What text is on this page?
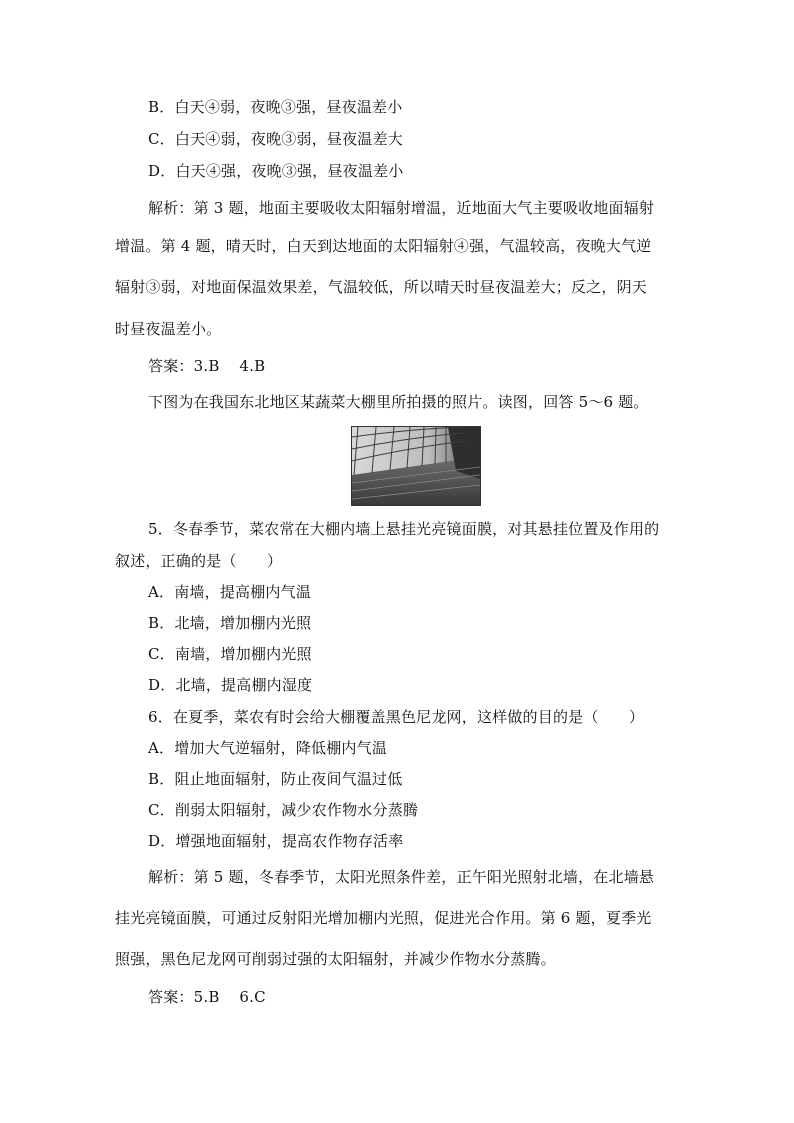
B．白天④弱，夜晚③强，昼夜温差小
C．白天④弱，夜晚③弱，昼夜温差大
D．白天④强，夜晚③强，昼夜温差小
解析：第 3 题，地面主要吸收太阳辐射增温，近地面大气主要吸收地面辐射
增温。第 4 题，晴天时，白天到达地面的太阳辐射④强，气温较高，夜晚大气逆
辐射③弱，对地面保温效果差，气温较低，所以晴天时昼夜温差大；反之，阴天
时昼夜温差小。
答案：3.B    4.B
下图为在我国东北地区某蔬菜大棚里所拍摄的照片。读图，回答 5～6 题。
5．冬春季节，菜农常在大棚内墙上悬挂光亮镜面膜，对其悬挂位置及作用的
叙述，正确的是（　　）
A．南墙，提高棚内气温
B．北墙，增加棚内光照
C．南墙，增加棚内光照
D．北墙，提高棚内湿度
6．在夏季，菜农有时会给大棚覆盖黑色尼龙网，这样做的目的是（　　）
A．增加大气逆辐射，降低棚内气温
B．阻止地面辐射，防止夜间气温过低
C．削弱太阳辐射，减少农作物水分蒸腾
D．增强地面辐射，提高农作物存活率
解析：第 5 题，冬春季节，太阳光照条件差，正午阳光照射北墙，在北墙悬
挂光亮镜面膜，可通过反射阳光增加棚内光照，促进光合作用。第 6 题，夏季光
照强，黑色尼龙网可削弱过强的太阳辐射，并减少作物水分蒸腾。
答案：5.B    6.C
